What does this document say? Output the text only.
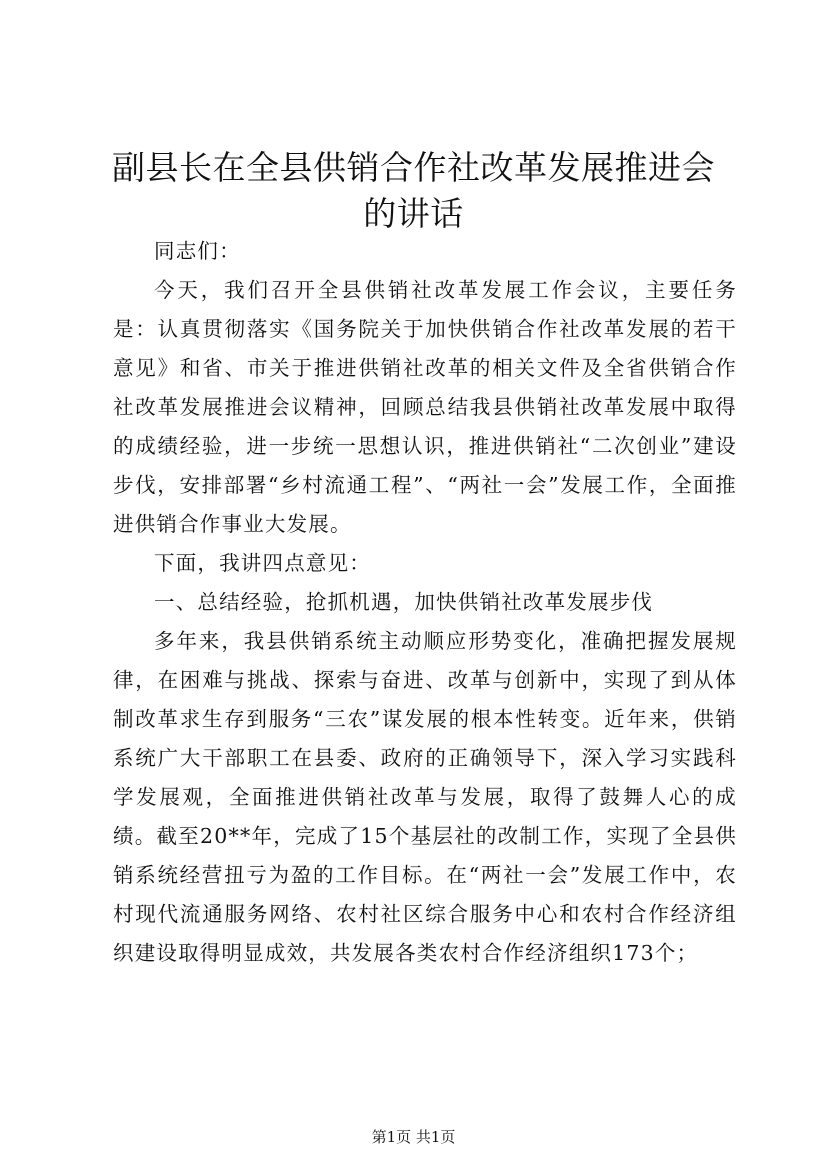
副县长在全县供销合作社改革发展推进会的讲话

同志们：

今天，我们召开全县供销社改革发展工作会议，主要任务是：认真贯彻落实《国务院关于加快供销合作社改革发展的若干意见》和省、市关于推进供销社改革的相关文件及全省供销合作社改革发展推进会议精神，回顾总结我县供销社改革发展中取得的成绩经验，进一步统一思想认识，推进供销社“二次创业”建设步伐，安排部署“乡村流通工程”、“两社一会”发展工作，全面推进供销合作事业大发展。

下面，我讲四点意见：

一、总结经验，抢抓机遇，加快供销社改革发展步伐

多年来，我县供销系统主动顺应形势变化，准确把握发展规律，在困难与挑战、探索与奋进、改革与创新中，实现了到从体制改革求生存到服务“三农”谋发展的根本性转变。近年来，供销系统广大干部职工在县委、政府的正确领导下，深入学习实践科学发展观，全面推进供销社改革与发展，取得了鼓舞人心的成绩。截至20**年，完成了15个基层社的改制工作，实现了全县供销系统经营扭亏为盈的工作目标。在“两社一会”发展工作中，农村现代流通服务网络、农村社区综合服务中心和农村合作经济组织建设取得明显成效，共发展各类农村合作经济组织173个；

第1页 共1页
